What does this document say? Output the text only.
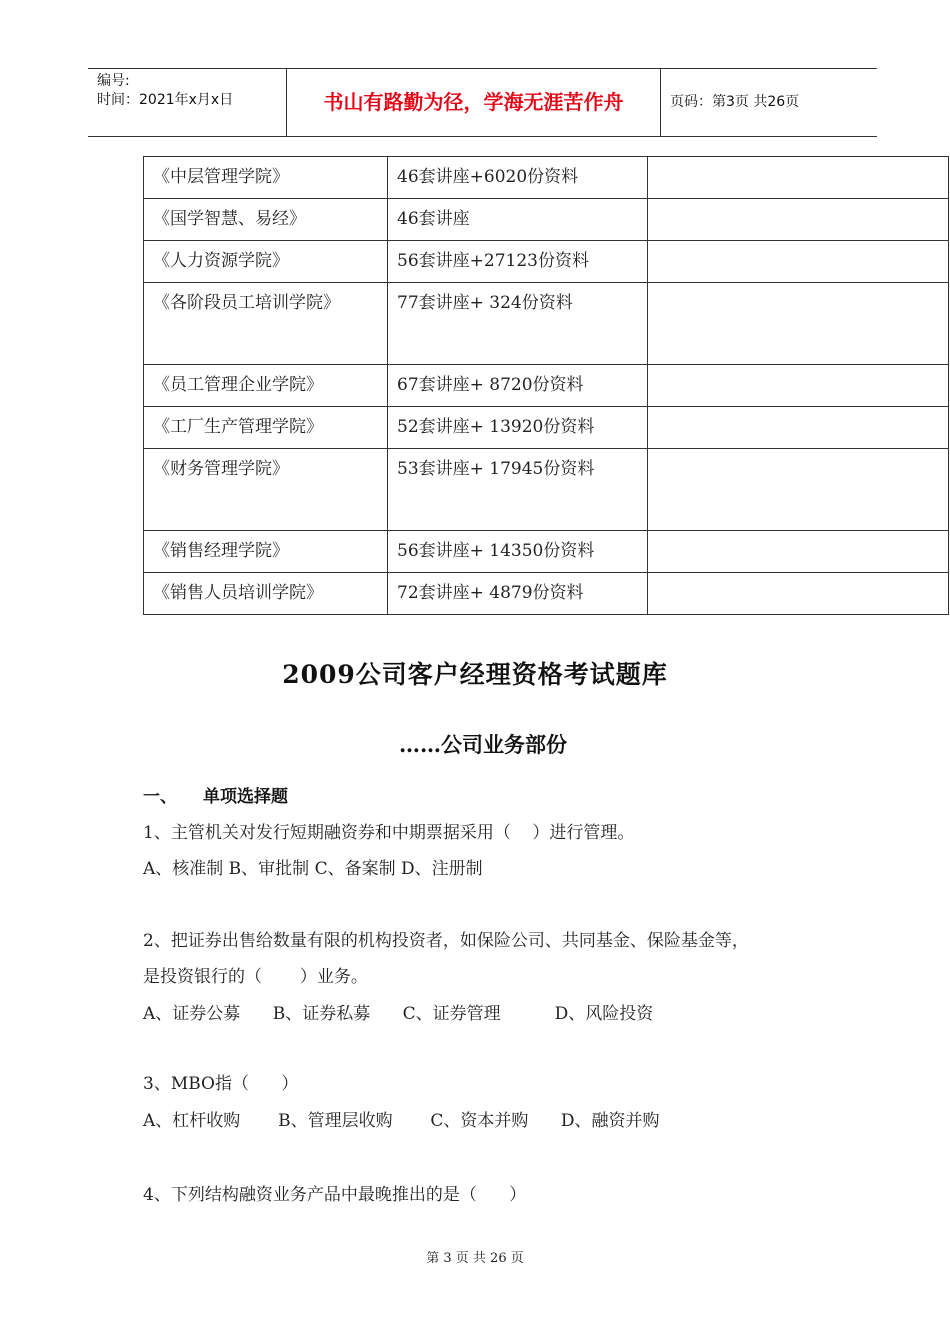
编号:
时间：2021年x月x日	书山有路勤为径，学海无涯苦作舟	页码：第3页 共26页
《中层管理学院》	46套讲座+6020份资料	
《国学智慧、易经》	46套讲座	
《人力资源学院》	56套讲座+27123份资料	
《各阶段员工培训学院》	77套讲座+ 324份资料	
《员工管理企业学院》	67套讲座+ 8720份资料	
《工厂生产管理学院》	52套讲座+ 13920份资料	
《财务管理学院》	53套讲座+ 17945份资料	
《销售经理学院》	56套讲座+ 14350份资料	
《销售人员培训学院》	72套讲座+ 4879份资料	
2009公司客户经理资格考试题库
……公司业务部份
一、 单项选择题
1、主管机关对发行短期融资券和中期票据采用（    ）进行管理。
A、核准制 B、审批制 C、备案制 D、注册制
2、把证券出售给数量有限的机构投资者，如保险公司、共同基金、保险基金等，
是投资银行的（       ）业务。
A、证券公募      B、证券私募      C、证券管理          D、风险投资
3、MBO指（      ）
A、杠杆收购       B、管理层收购       C、资本并购      D、融资并购
4、下列结构融资业务产品中最晚推出的是（      ）
第 3 页 共 26 页
